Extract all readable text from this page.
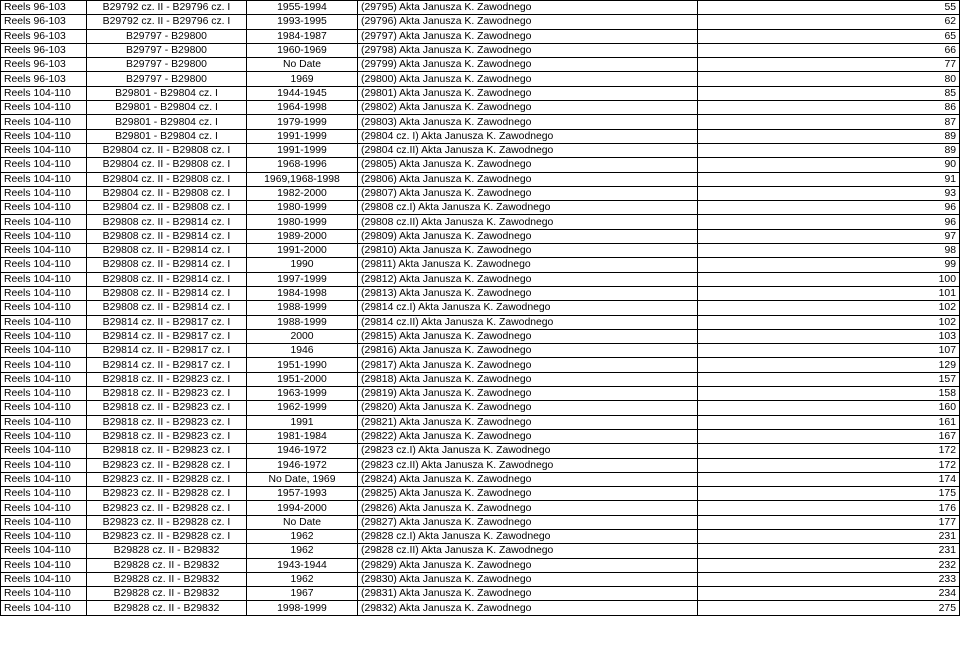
Reels 96-103	B29792 cz. II - B29796 cz. I	1955-1994	(29795) Akta Janusza K. Zawodnego	55
Reels 96-103	B29792 cz. II - B29796 cz. I	1993-1995	(29796) Akta Janusza K. Zawodnego	62
Reels 96-103	B29797 - B29800	1984-1987	(29797) Akta Janusza K. Zawodnego	65
Reels 96-103	B29797 - B29800	1960-1969	(29798) Akta Janusza K. Zawodnego	66
Reels 96-103	B29797 - B29800	No Date	(29799) Akta Janusza K. Zawodnego	77
Reels 96-103	B29797 - B29800	1969	(29800) Akta Janusza K. Zawodnego	80
Reels 104-110	B29801 - B29804 cz. I	1944-1945	(29801) Akta Janusza K. Zawodnego	85
Reels 104-110	B29801 - B29804 cz. I	1964-1998	(29802) Akta Janusza K. Zawodnego	86
Reels 104-110	B29801 - B29804 cz. I	1979-1999	(29803) Akta Janusza K. Zawodnego	87
Reels 104-110	B29801 - B29804 cz. I	1991-1999	(29804 cz. I) Akta Janusza K. Zawodnego	89
Reels 104-110	B29804 cz. II - B29808 cz. I	1991-1999	(29804 cz.II) Akta Janusza K. Zawodnego	89
Reels 104-110	B29804 cz. II - B29808 cz. I	1968-1996	(29805) Akta Janusza K. Zawodnego	90
Reels 104-110	B29804 cz. II - B29808 cz. I	1969,1968-1998	(29806) Akta Janusza K. Zawodnego	91
Reels 104-110	B29804 cz. II - B29808 cz. I	1982-2000	(29807) Akta Janusza K. Zawodnego	93
Reels 104-110	B29804 cz. II - B29808 cz. I	1980-1999	(29808 cz.I) Akta Janusza K. Zawodnego	96
Reels 104-110	B29808 cz. II - B29814 cz. I	1980-1999	(29808 cz.II) Akta Janusza K. Zawodnego	96
Reels 104-110	B29808 cz. II - B29814 cz. I	1989-2000	(29809) Akta Janusza K. Zawodnego	97
Reels 104-110	B29808 cz. II - B29814 cz. I	1991-2000	(29810) Akta Janusza K. Zawodnego	98
Reels 104-110	B29808 cz. II - B29814 cz. I	1990	(29811) Akta Janusza K. Zawodnego	99
Reels 104-110	B29808 cz. II - B29814 cz. I	1997-1999	(29812) Akta Janusza K. Zawodnego	100
Reels 104-110	B29808 cz. II - B29814 cz. I	1984-1998	(29813) Akta Janusza K. Zawodnego	101
Reels 104-110	B29808 cz. II - B29814 cz. I	1988-1999	(29814 cz.I) Akta Janusza K. Zawodnego	102
Reels 104-110	B29814 cz. II - B29817 cz. I	1988-1999	(29814 cz.II) Akta Janusza K. Zawodnego	102
Reels 104-110	B29814 cz. II - B29817 cz. I	2000	(29815) Akta Janusza K. Zawodnego	103
Reels 104-110	B29814 cz. II - B29817 cz. I	1946	(29816) Akta Janusza K. Zawodnego	107
Reels 104-110	B29814 cz. II - B29817 cz. I	1951-1990	(29817) Akta Janusza K. Zawodnego	129
Reels 104-110	B29818 cz. II - B29823 cz. I	1951-2000	(29818) Akta Janusza K. Zawodnego	157
Reels 104-110	B29818 cz. II - B29823 cz. I	1963-1999	(29819) Akta Janusza K. Zawodnego	158
Reels 104-110	B29818 cz. II - B29823 cz. I	1962-1999	(29820) Akta Janusza K. Zawodnego	160
Reels 104-110	B29818 cz. II - B29823 cz. I	1991	(29821) Akta Janusza K. Zawodnego	161
Reels 104-110	B29818 cz. II - B29823 cz. I	1981-1984	(29822) Akta Janusza K. Zawodnego	167
Reels 104-110	B29818 cz. II - B29823 cz. I	1946-1972	(29823 cz.I) Akta Janusza K. Zawodnego	172
Reels 104-110	B29823 cz. II - B29828 cz. I	1946-1972	(29823 cz.II) Akta Janusza K. Zawodnego	172
Reels 104-110	B29823 cz. II - B29828 cz. I	No Date, 1969	(29824) Akta Janusza K. Zawodnego	174
Reels 104-110	B29823 cz. II - B29828 cz. I	1957-1993	(29825) Akta Janusza K. Zawodnego	175
Reels 104-110	B29823 cz. II - B29828 cz. I	1994-2000	(29826) Akta Janusza K. Zawodnego	176
Reels 104-110	B29823 cz. II - B29828 cz. I	No Date	(29827) Akta Janusza K. Zawodnego	177
Reels 104-110	B29823 cz. II - B29828 cz. I	1962	(29828 cz.I) Akta Janusza K. Zawodnego	231
Reels 104-110	B29828 cz. II - B29832	1962	(29828 cz.II) Akta Janusza K. Zawodnego	231
Reels 104-110	B29828 cz. II - B29832	1943-1944	(29829) Akta Janusza K. Zawodnego	232
Reels 104-110	B29828 cz. II - B29832	1962	(29830) Akta Janusza K. Zawodnego	233
Reels 104-110	B29828 cz. II - B29832	1967	(29831) Akta Janusza K. Zawodnego	234
Reels 104-110	B29828 cz. II - B29832	1998-1999	(29832) Akta Janusza K. Zawodnego	275
